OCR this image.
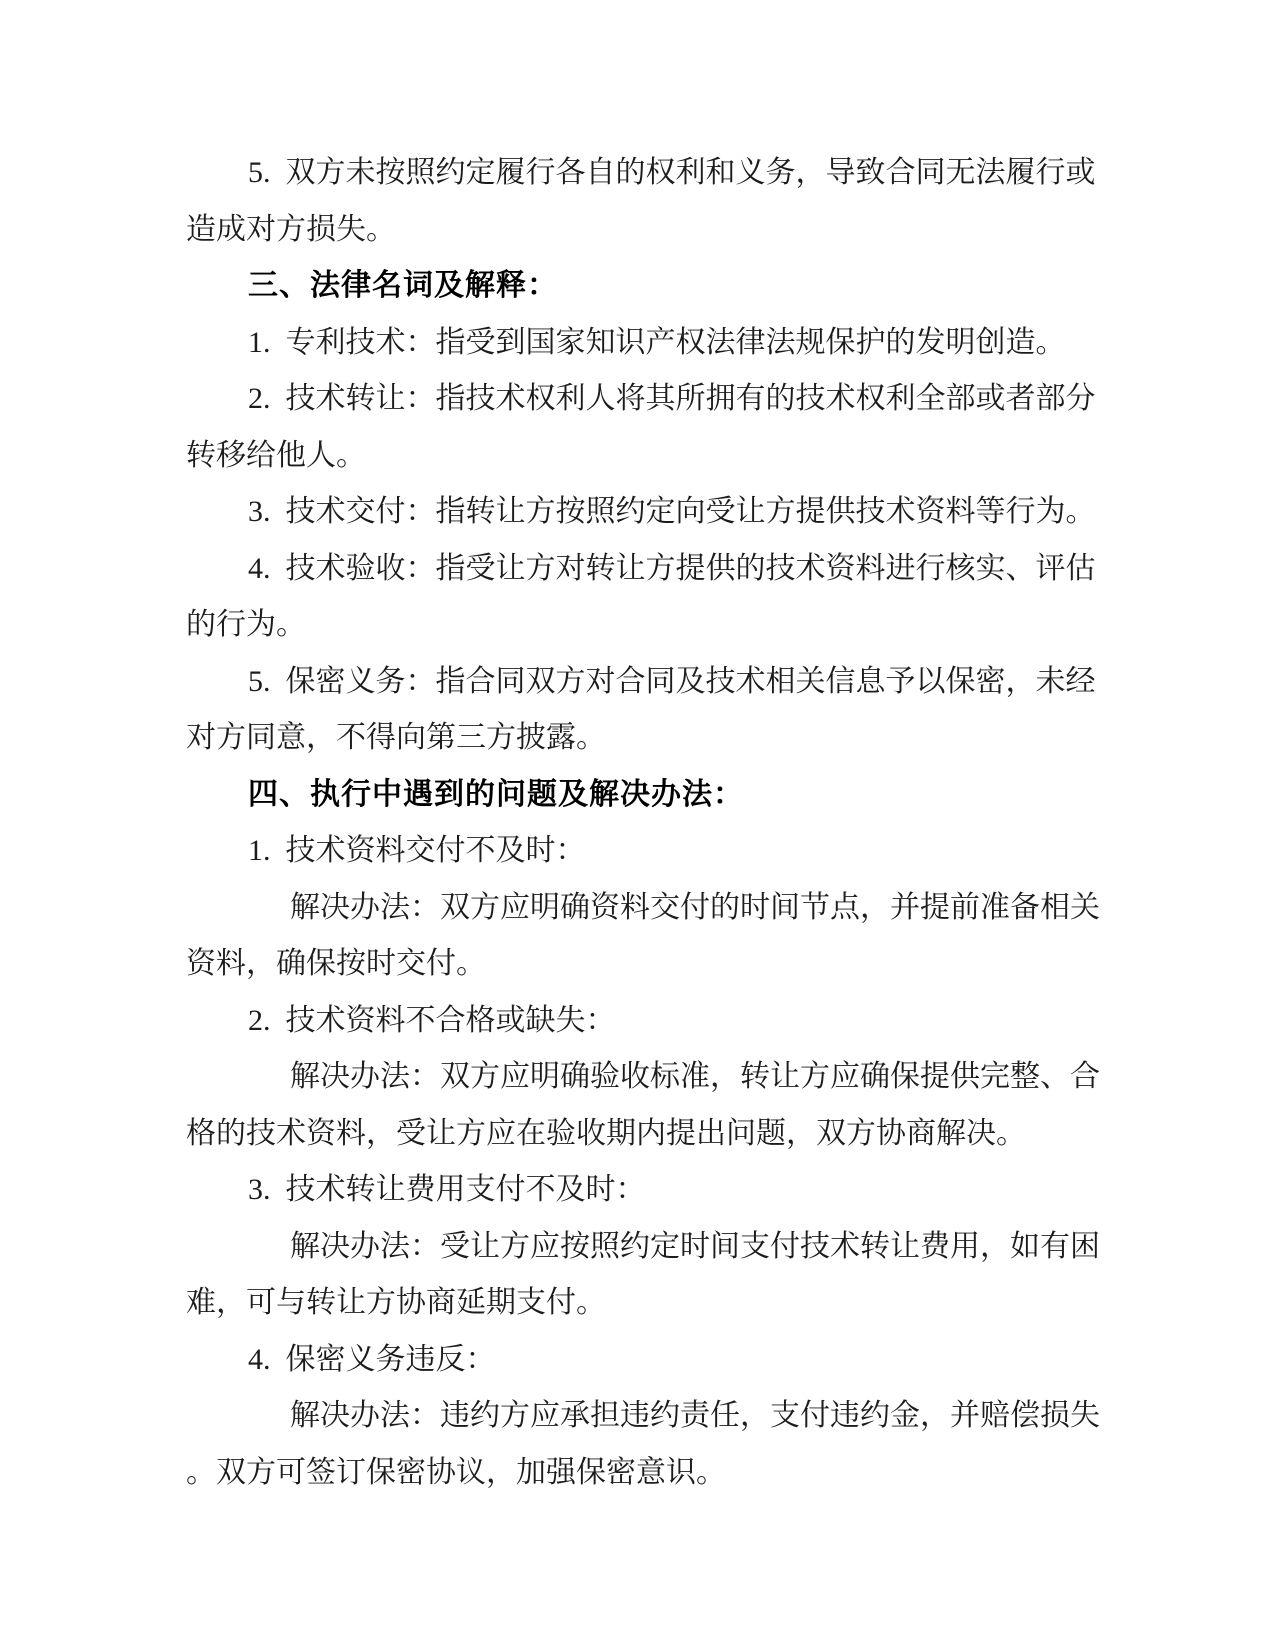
5.  双方未按照约定履行各自的权利和义务，导致合同无法履行或
造成对方损失。
三、法律名词及解释：
1.  专利技术：指受到国家知识产权法律法规保护的发明创造。
2.  技术转让：指技术权利人将其所拥有的技术权利全部或者部分
转移给他人。
3.  技术交付：指转让方按照约定向受让方提供技术资料等行为。
4.  技术验收：指受让方对转让方提供的技术资料进行核实、评估
的行为。
5.  保密义务：指合同双方对合同及技术相关信息予以保密，未经
对方同意，不得向第三方披露。
四、执行中遇到的问题及解决办法：
1.  技术资料交付不及时：
解决办法：双方应明确资料交付的时间节点，并提前准备相关
资料，确保按时交付。
2.  技术资料不合格或缺失：
解决办法：双方应明确验收标准，转让方应确保提供完整、合
格的技术资料，受让方应在验收期内提出问题，双方协商解决。
3.  技术转让费用支付不及时：
解决办法：受让方应按照约定时间支付技术转让费用，如有困
难，可与转让方协商延期支付。
4.  保密义务违反：
解决办法：违约方应承担违约责任，支付违约金，并赔偿损失
。双方可签订保密协议，加强保密意识。
